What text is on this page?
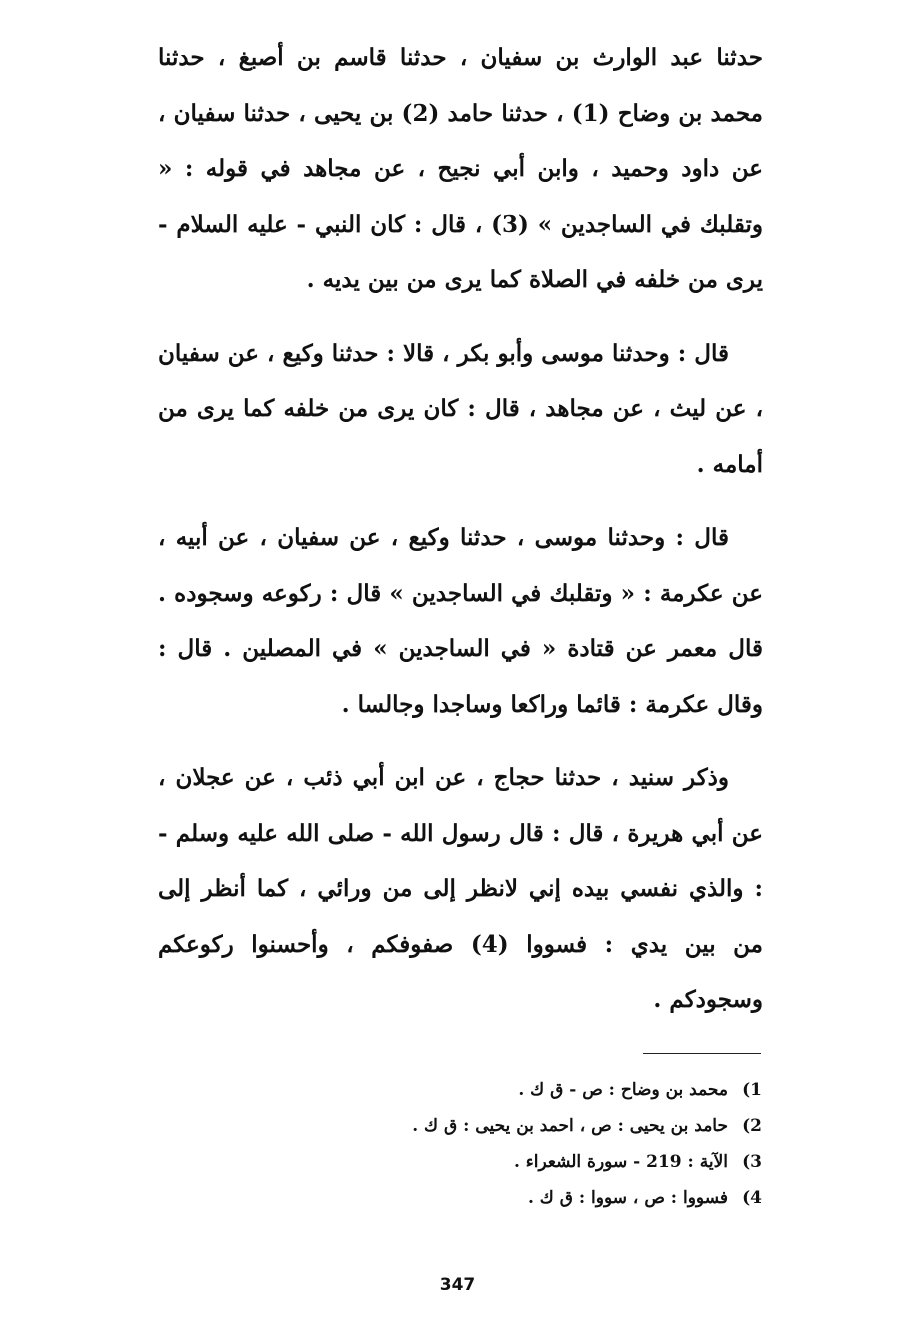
حدثنا عبد الوارث بن سفيان ، حدثنا قاسم بن أصبغ ، حدثنا محمد بن وضاح (1) ، حدثنا حامد (2) بن يحيى ، حدثنا سفيان ، عن داود وحميد ، وابن أبي نجيح ، عن مجاهد في قوله : « وتقلبك في الساجدين » (3) ، قال : كان النبي - عليه السلام - يرى من خلفه في الصلاة كما يرى من بين يديه .

قال : وحدثنا موسى وأبو بكر ، قالا : حدثنا وكيع ، عن سفيان ، عن ليث ، عن مجاهد ، قال : كان يرى من خلفه كما يرى من أمامه .

قال : وحدثنا موسى ، حدثنا وكيع ، عن سفيان ، عن أبيه ، عن عكرمة : « وتقلبك في الساجدين » قال : ركوعه وسجوده . قال معمر عن قتادة « في الساجدين » في المصلين . قال : وقال عكرمة : قائما وراكعا وساجدا وجالسا .

وذكر سنيد ، حدثنا حجاج ، عن ابن أبي ذئب ، عن عجلان ، عن أبي هريرة ، قال : قال رسول الله - صلى الله عليه وسلم - : والذي نفسي بيده إني لانظر إلى من ورائي ، كما أنظر إلى من بين يدي : فسووا (4) صفوفكم ، وأحسنوا ركوعكم وسجودكم .

1)
محمد بن وضاح : ص - ق ك .
2)
حامد بن يحيى : ص ، احمد بن يحيى : ق ك .
3)
الآية : 219 - سورة الشعراء .
4)
فسووا : ص ، سووا : ق ك .
347
